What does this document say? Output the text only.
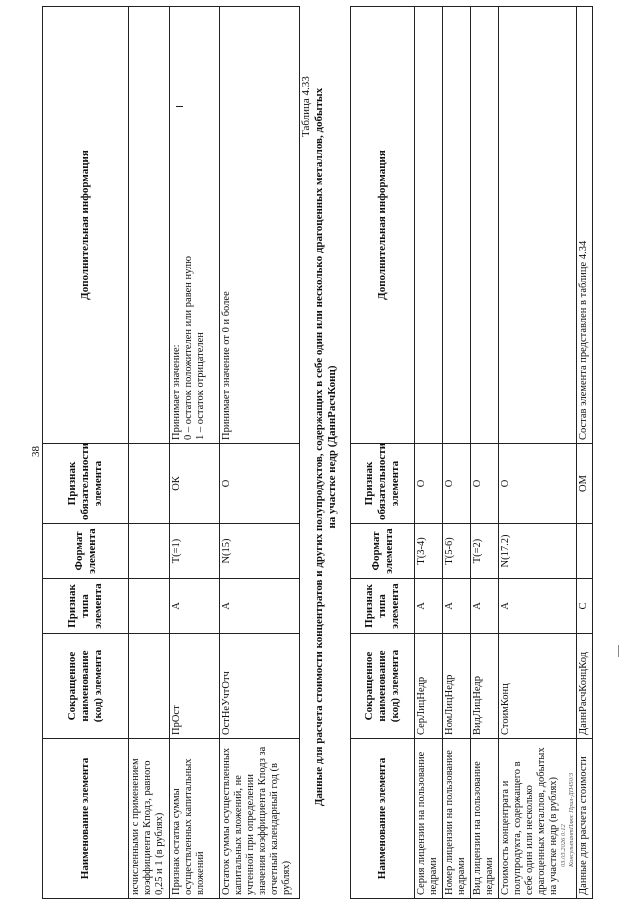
38
Наименование элемента	Сокращенное наименование (код) элемента	Признак типа элемента	Формат элемента	Признак обязательности элемента	Дополнительная информация
исчисленными с применением коэффициента Кподз, равного 0,25 и 1 (в рублях)					
Признак остатка суммы осуществленных капитальных вложений	ПрОст	А	Т(=1)	ОК	Принимает значение: 0 – остаток положителен или равен нулю 1 – остаток отрицателен

Остаток суммы осуществленных капитальных вложений, не учтенной при определении значения коэффициента Кподз за отчетный календарный год (в рублях)	ОстНеУчтОтч	А	N(15)	О	Принимает значение от 0 и более
Таблица 4.33 Данные для расчета стоимости концентратов и других полупродуктов, содержащих в себе один или несколько драгоценных металлов, добытых на участке недр (ДаннРасчКонц)
Наименование элемента	Сокращенное наименование (код) элемента	Признак типа элемента	Формат элемента	Признак обязательности элемента	Дополнительная информация
Серия лицензии на пользование недрами	СерЛицНедр	А	Т(3-4)	О	
Номер лицензии на пользование недрами	НомЛицНедр	А	Т(5-6)	О	
Вид лицензии на пользование недрами	ВидЛицНедр	А	Т(=2)	О	
Стоимость концентрата и полупродукта, содержащего в себе один или несколько драгоценных металлов, добытых на участке недр (в рублях)	СтоимКонц	А	N(17.2)	О	
Данные для расчета стоимости	ДаннРасчКонцКод	С		ОМ	Состав элемента представлен в таблице 4.34
03.03.2026 0:12 КонсультантПлюс Прил-ДП450/3
